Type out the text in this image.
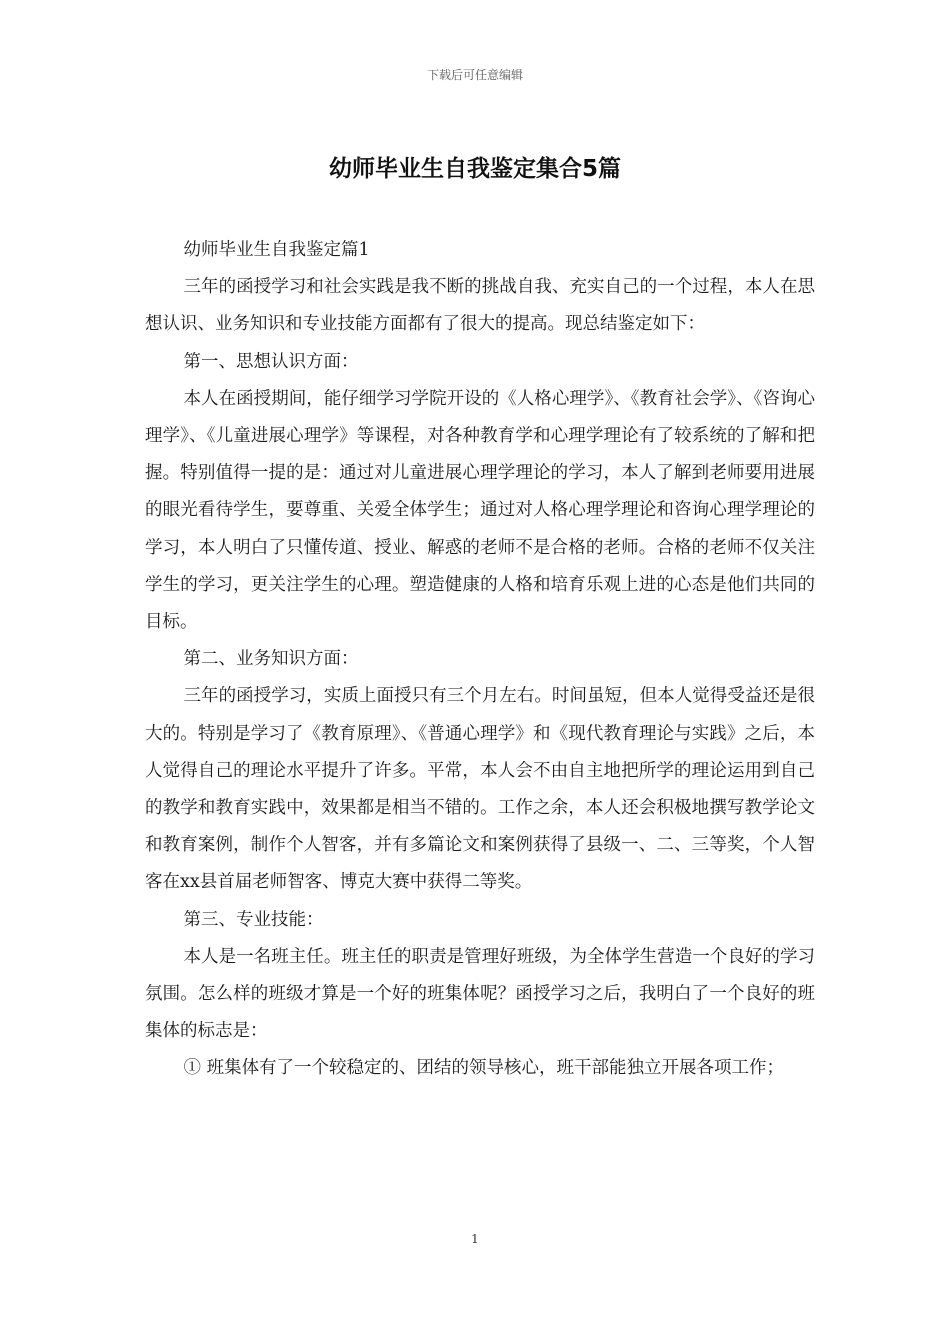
下载后可任意编辑
幼师毕业生自我鉴定集合5篇

幼师毕业生自我鉴定篇1

三年的函授学习和社会实践是我不断的挑战自我、充实自己的一个过程，本人在思想认识、业务知识和专业技能方面都有了很大的提高。现总结鉴定如下：

第一、思想认识方面：

本人在函授期间，能仔细学习学院开设的《人格心理学》、《教育社会学》、《咨询心理学》、《儿童进展心理学》等课程，对各种教育学和心理学理论有了较系统的了解和把握。特别值得一提的是：通过对儿童进展心理学理论的学习，本人了解到老师要用进展的眼光看待学生，要尊重、关爱全体学生；通过对人格心理学理论和咨询心理学理论的学习，本人明白了只懂传道、授业、解惑的老师不是合格的老师。合格的老师不仅关注学生的学习，更关注学生的心理。塑造健康的人格和培育乐观上进的心态是他们共同的目标。

第二、业务知识方面：

三年的函授学习，实质上面授只有三个月左右。时间虽短，但本人觉得受益还是很大的。特别是学习了《教育原理》、《普通心理学》和《现代教育理论与实践》之后，本人觉得自己的理论水平提升了许多。平常，本人会不由自主地把所学的理论运用到自己的教学和教育实践中，效果都是相当不错的。工作之余，本人还会积极地撰写教学论文和教育案例，制作个人智客，并有多篇论文和案例获得了县级一、二、三等奖，个人智客在xx县首届老师智客、博克大赛中获得二等奖。

第三、专业技能：

本人是一名班主任。班主任的职责是管理好班级，为全体学生营造一个良好的学习氛围。怎么样的班级才算是一个好的班集体呢？函授学习之后，我明白了一个良好的班集体的标志是：

① 班集体有了一个较稳定的、团结的领导核心，班干部能独立开展各项工作；

1
